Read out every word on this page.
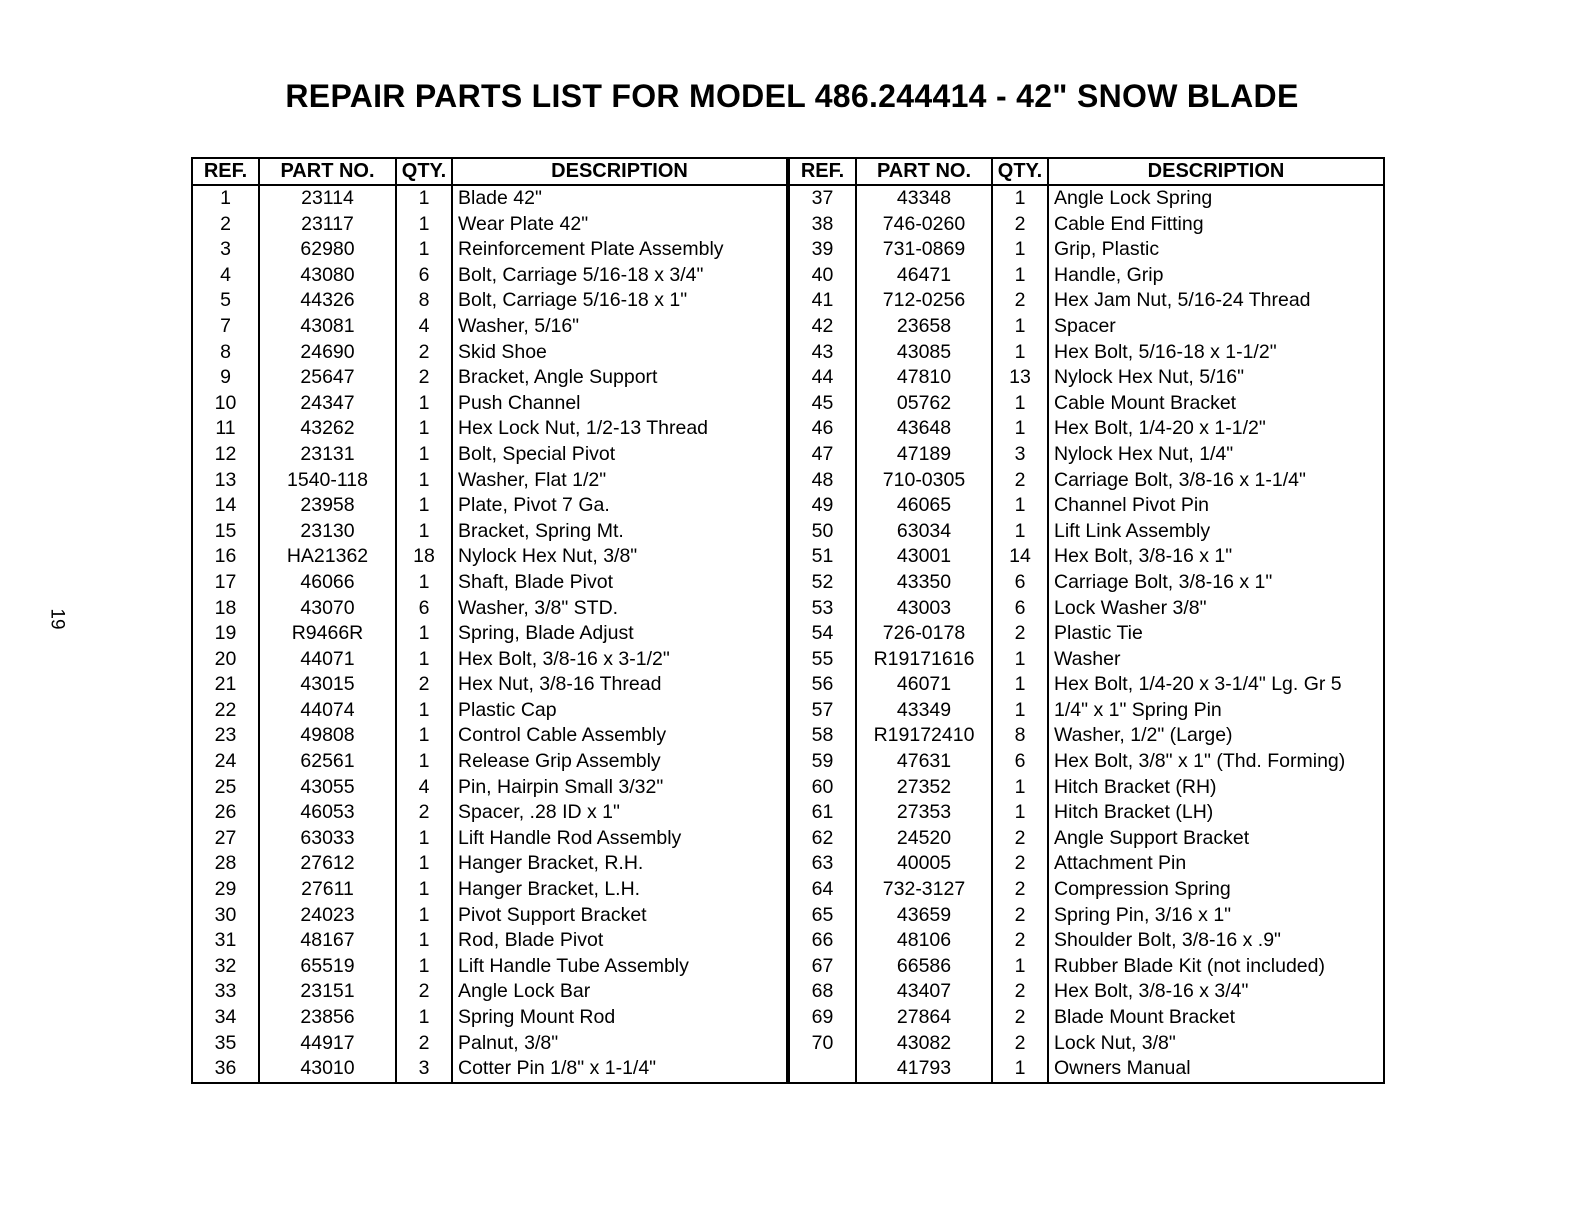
REPAIR PARTS LIST FOR MODEL 486.244414 - 42" SNOW BLADE
19
REF.	PART NO.	QTY.	DESCRIPTION	REF.	PART NO.	QTY.	DESCRIPTION
1	23114	1	Blade 42"	37	43348	1	Angle Lock Spring
2	23117	1	Wear Plate 42"	38	746-0260	2	Cable End Fitting
3	62980	1	Reinforcement Plate Assembly	39	731-0869	1	Grip, Plastic
4	43080	6	Bolt, Carriage 5/16-18 x 3/4"	40	46471	1	Handle, Grip
5	44326	8	Bolt, Carriage 5/16-18 x 1"	41	712-0256	2	Hex Jam Nut, 5/16-24 Thread
7	43081	4	Washer, 5/16"	42	23658	1	Spacer
8	24690	2	Skid Shoe	43	43085	1	Hex Bolt, 5/16-18 x 1-1/2"
9	25647	2	Bracket, Angle Support	44	47810	13	Nylock Hex Nut, 5/16"
10	24347	1	Push Channel	45	05762	1	Cable Mount Bracket
11	43262	1	Hex Lock Nut, 1/2-13 Thread	46	43648	1	Hex Bolt, 1/4-20 x 1-1/2"
12	23131	1	Bolt, Special Pivot	47	47189	3	Nylock Hex Nut, 1/4"
13	1540-118	1	Washer, Flat 1/2"	48	710-0305	2	Carriage Bolt, 3/8-16 x 1-1/4"
14	23958	1	Plate, Pivot 7 Ga.	49	46065	1	Channel Pivot Pin
15	23130	1	Bracket, Spring Mt.	50	63034	1	Lift Link Assembly
16	HA21362	18	Nylock Hex Nut, 3/8"	51	43001	14	Hex Bolt, 3/8-16 x 1"
17	46066	1	Shaft, Blade Pivot	52	43350	6	Carriage Bolt, 3/8-16 x 1"
18	43070	6	Washer, 3/8" STD.	53	43003	6	Lock Washer 3/8"
19	R9466R	1	Spring, Blade Adjust	54	726-0178	2	Plastic Tie
20	44071	1	Hex Bolt, 3/8-16 x 3-1/2"	55	R19171616	1	Washer
21	43015	2	Hex Nut, 3/8-16 Thread	56	46071	1	Hex Bolt, 1/4-20 x 3-1/4" Lg. Gr 5
22	44074	1	Plastic Cap	57	43349	1	1/4" x 1" Spring Pin
23	49808	1	Control Cable Assembly	58	R19172410	8	Washer, 1/2" (Large)
24	62561	1	Release Grip Assembly	59	47631	6	Hex Bolt, 3/8" x 1" (Thd. Forming)
25	43055	4	Pin, Hairpin Small 3/32"	60	27352	1	Hitch Bracket (RH)
26	46053	2	Spacer, .28 ID x 1"	61	27353	1	Hitch Bracket (LH)
27	63033	1	Lift Handle Rod Assembly	62	24520	2	Angle Support Bracket
28	27612	1	Hanger Bracket, R.H.	63	40005	2	Attachment Pin
29	27611	1	Hanger Bracket, L.H.	64	732-3127	2	Compression Spring
30	24023	1	Pivot Support Bracket	65	43659	2	Spring Pin, 3/16 x 1"
31	48167	1	Rod, Blade Pivot	66	48106	2	Shoulder Bolt, 3/8-16 x .9"
32	65519	1	Lift Handle Tube Assembly	67	66586	1	Rubber Blade Kit (not included)
33	23151	2	Angle Lock Bar	68	43407	2	Hex Bolt, 3/8-16 x 3/4"
34	23856	1	Spring Mount Rod	69	27864	2	Blade Mount Bracket
35	44917	2	Palnut, 3/8"	70	43082	2	Lock Nut, 3/8"
36	43010	3	Cotter Pin 1/8" x 1-1/4"		41793	1	Owners Manual
